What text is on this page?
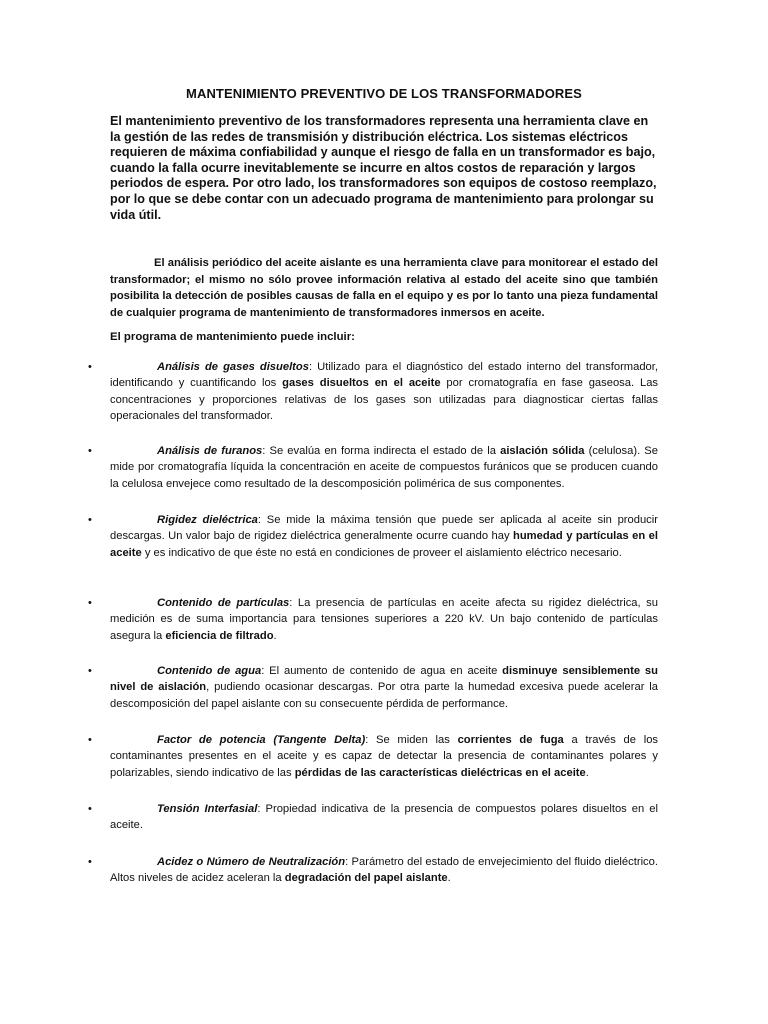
MANTENIMIENTO PREVENTIVO DE LOS TRANSFORMADORES
El mantenimiento preventivo de los transformadores representa una herramienta clave en la gestión de las redes de transmisión y distribución eléctrica. Los sistemas eléctricos requieren de máxima confiabilidad y aunque el riesgo de falla en un transformador es bajo, cuando la falla ocurre inevitablemente se incurre en altos costos de reparación y largos periodos de espera. Por otro lado, los transformadores son equipos de costoso reemplazo, por lo que se debe contar con un adecuado programa de mantenimiento para prolongar su vida útil.
El análisis periódico del aceite aislante es una herramienta clave para monitorear el estado del transformador; el mismo no sólo provee información relativa al estado del aceite sino que también posibilita la detección de posibles causas de falla en el equipo y es por lo tanto una pieza fundamental de cualquier programa de mantenimiento de transformadores inmersos en aceite.
El programa de mantenimiento puede incluir:
•	Análisis de gases disueltos: Utilizado para el diagnóstico del estado interno del transformador, identificando y cuantificando los gases disueltos en el aceite por cromatografía en fase gaseosa. Las concentraciones y proporciones relativas de los gases son utilizadas para diagnosticar ciertas fallas operacionales del transformador.
•	Análisis de furanos: Se evalúa en forma indirecta el estado de la aislación sólida (celulosa). Se mide por cromatografía líquida la concentración en aceite de compuestos furánicos que se producen cuando la celulosa envejece como resultado de la descomposición polimérica de sus componentes.
•	Rigidez dieléctrica: Se mide la máxima tensión que puede ser aplicada al aceite sin producir descargas. Un valor bajo de rigidez dieléctrica generalmente ocurre cuando hay humedad y partículas en el aceite y es indicativo de que éste no está en condiciones de proveer el aislamiento eléctrico necesario.
•	Contenido de partículas: La presencia de partículas en aceite afecta su rigidez dieléctrica, su medición es de suma importancia para tensiones superiores a 220 kV. Un bajo contenido de partículas asegura la eficiencia de filtrado.
•	Contenido de agua: El aumento de contenido de agua en aceite disminuye sensiblemente su nivel de aislación, pudiendo ocasionar descargas. Por otra parte la humedad excesiva puede acelerar la descomposición del papel aislante con su consecuente pérdida de performance.
•	Factor de potencia (Tangente Delta): Se miden las corrientes de fuga a través de los contaminantes presentes en el aceite y es capaz de detectar la presencia de contaminantes polares y polarizables, siendo indicativo de las pérdidas de las características dieléctricas en el aceite.
•	Tensión Interfasial: Propiedad indicativa de la presencia de compuestos polares disueltos en el aceite.
•	Acidez o Número de Neutralización: Parámetro del estado de envejecimiento del fluido dieléctrico. Altos niveles de acidez aceleran la degradación del papel aislante.
